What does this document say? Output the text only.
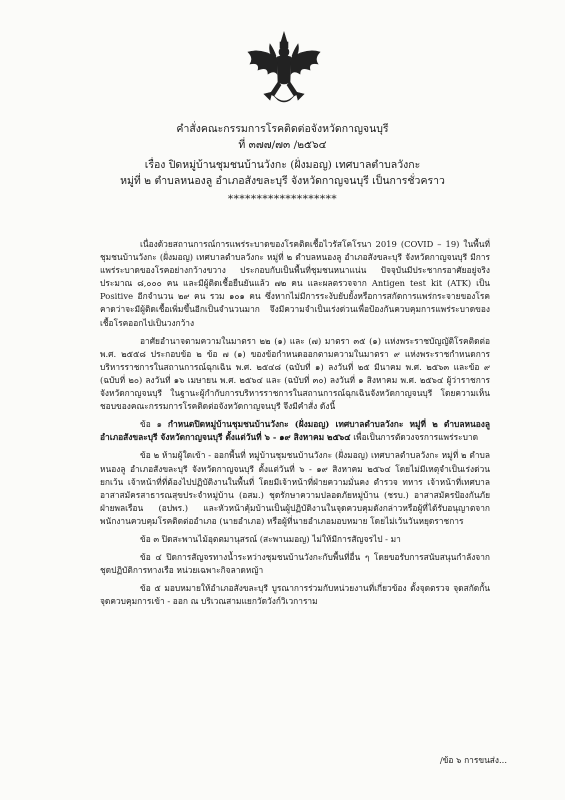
คำสั่งคณะกรรมการโรคติดต่อจังหวัดกาญจนบุรี
ที่ ๓๗๗/๗๓ /๒๕๖๔
เรื่อง ปิดหมู่บ้านชุมชนบ้านวังกะ (ฝั่งมอญ) เทศบาลตำบลวังกะ
หมู่ที่ ๒ ตำบลหนองลู อำเภอสังขละบุรี จังหวัดกาญจนบุรี เป็นการชั่วคราว
*******************

เนื่องด้วยสถานการณ์การแพร่ระบาดของโรคติดเชื้อไวรัสโคโรนา 2019 (COVID – 19) ในพื้นที่ชุมชนบ้านวังกะ (ฝั่งมอญ) เทศบาลตำบลวังกะ หมู่ที่ ๒ ตำบลหนองลู อำเภอสังขละบุรี จังหวัดกาญจนบุรี มีการแพร่ระบาดของโรคอย่างกว้างขวาง ประกอบกับเป็นพื้นที่ชุมชนหนาแน่น ปัจจุบันมีประชากรอาศัยอยู่จริงประมาณ ๘,๐๐๐ คน และมีผู้ติดเชื้อยืนยันแล้ว ๗๒ คน และผลตรวจจาก Antigen test kit (ATK) เป็น Positive อีกจำนวน ๒๙ คน รวม ๑๐๑ คน ซึ่งหากไม่มีการระงับยับยั้งหรือการสกัดการแพร่กระจายของโรค คาดว่าจะมีผู้ติดเชื้อเพิ่มขึ้นอีกเป็นจำนวนมาก จึงมีความจำเป็นเร่งด่วนเพื่อป้องกันควบคุมการแพร่ระบาดของเชื้อโรคออกไปเป็นวงกว้าง

อาศัยอำนาจตามความในมาตรา ๒๒ (๑) และ (๗) มาตรา ๓๕ (๑) แห่งพระราชบัญญัติโรคติดต่อ พ.ศ. ๒๕๕๘ ประกอบข้อ ๒ ข้อ ๗ (๑) ของข้อกำหนดออกตามความในมาตรา ๙ แห่งพระราชกำหนดการบริหารราชการในสถานการณ์ฉุกเฉิน พ.ศ. ๒๕๔๘ (ฉบับที่ ๑) ลงวันที่ ๒๕ มีนาคม พ.ศ. ๒๕๖๓ และข้อ ๙ (ฉบับที่ ๒๐) ลงวันที่ ๑๖ เมษายน พ.ศ. ๒๕๖๔ และ (ฉบับที่ ๓๐) ลงวันที่ ๑ สิงหาคม พ.ศ. ๒๕๖๔ ผู้ว่าราชการจังหวัดกาญจนบุรี ในฐานะผู้กำกับการบริหารราชการในสถานการณ์ฉุกเฉินจังหวัดกาญจนบุรี โดยความเห็นชอบของคณะกรรมการโรคติดต่อจังหวัดกาญจนบุรี จึงมีคำสั่ง ดังนี้

ข้อ ๑ กำหนดปิดหมู่บ้านชุมชนบ้านวังกะ (ฝั่งมอญ) เทศบาลตำบลวังกะ หมู่ที่ ๒ ตำบลหนองลู อำเภอสังขละบุรี จังหวัดกาญจนบุรี ตั้งแต่วันที่ ๖ - ๑๙ สิงหาคม ๒๕๖๔ เพื่อเป็นการตัดวงจรการแพร่ระบาด

ข้อ ๒ ห้ามผู้ใดเข้า - ออกพื้นที่ หมู่บ้านชุมชนบ้านวังกะ (ฝั่งมอญ) เทศบาลตำบลวังกะ หมู่ที่ ๒ ตำบลหนองลู อำเภอสังขละบุรี จังหวัดกาญจนบุรี ตั้งแต่วันที่ ๖ - ๑๙ สิงหาคม ๒๕๖๔ โดยไม่มีเหตุจำเป็นเร่งด่วนยกเว้น เจ้าหน้าที่ที่ต้องไปปฏิบัติงานในพื้นที่ โดยมีเจ้าหน้าที่ฝ่ายความมั่นคง ตำรวจ ทหาร เจ้าหน้าที่เทศบาล อาสาสมัครสาธารณสุขประจำหมู่บ้าน (อสม.) ชุดรักษาความปลอดภัยหมู่บ้าน (ชรบ.) อาสาสมัครป้องกันภัยฝ่ายพลเรือน (อปพร.) และหัวหน้าคุ้มบ้านเป็นผู้ปฏิบัติงานในจุดควบคุมดังกล่าวหรือผู้ที่ได้รับอนุญาตจากพนักงานควบคุมโรคติดต่ออำเภอ (นายอำเภอ) หรือผู้ที่นายอำเภอมอบหมาย โดยไม่เว้นวันหยุดราชการ

ข้อ ๓ ปิดสะพานไม้อุตตมานุสรณ์ (สะพานมอญ) ไม่ให้มีการสัญจรไป - มา

ข้อ ๔ ปิดการสัญจรทางน้ำระหว่างชุมชนบ้านวังกะกับพื้นที่อื่น ๆ โดยขอรับการสนับสนุนกำลังจากชุดปฏิบัติการทางเรือ หน่วยเฉพาะกิจลาดหญ้า

ข้อ ๕ มอบหมายให้อำเภอสังขละบุรี บูรณาการร่วมกับหน่วยงานที่เกี่ยวข้อง ตั้งจุดตรวจ จุดสกัดกั้นจุดควบคุมการเข้า - ออก ณ บริเวณสามแยกวัดวังก์วิเวการาม

/ข้อ ๖ การขนส่ง...
